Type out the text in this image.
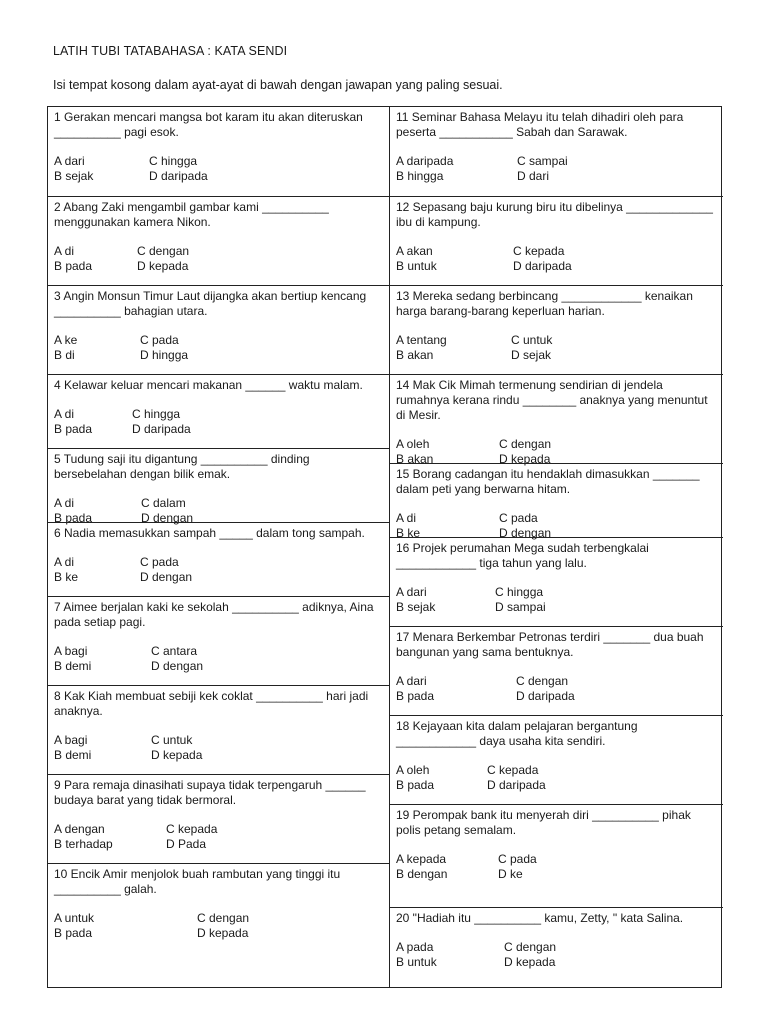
LATIH TUBI TATABAHASA : KATA SENDI
Isi tempat kosong dalam ayat-ayat di bawah dengan jawapan yang paling sesuai.
1 Gerakan mencari mangsa bot karam itu akan diteruskan __________ pagi esok.
A dari
B sejak
C hingga
D daripada
2 Abang Zaki mengambil gambar kami __________ menggunakan kamera Nikon.
A di
B pada
C dengan
D kepada
3 Angin Monsun Timur Laut dijangka akan bertiup kencang __________ bahagian utara.
A ke
B di
C pada
D hingga
4 Kelawar keluar mencari makanan ______ waktu malam.
A di
B pada
C hingga
D daripada
5 Tudung saji itu digantung __________ dinding bersebelahan dengan bilik emak.
A di
B pada
C dalam
D dengan
6 Nadia memasukkan sampah _____ dalam tong sampah.
A di
B ke
C pada
D dengan
7 Aimee berjalan kaki ke sekolah __________ adiknya, Aina pada setiap pagi.
A bagi
B demi
C antara
D dengan
8 Kak Kiah membuat sebiji kek coklat __________ hari jadi anaknya.
A bagi
B demi
C untuk
D kepada
9 Para remaja dinasihati supaya tidak terpengaruh ______ budaya barat yang tidak bermoral.
A dengan
B terhadap
C kepada
D Pada
10 Encik Amir menjolok buah rambutan yang tinggi itu __________ galah.
A untuk
B pada
C dengan
D kepada
11 Seminar Bahasa Melayu itu telah dihadiri oleh para peserta ___________ Sabah dan Sarawak.
A daripada
B hingga
C sampai
D dari
12 Sepasang baju kurung biru itu dibelinya _____________ ibu di kampung.
A akan
B untuk
C kepada
D daripada
13 Mereka sedang berbincang ____________ kenaikan harga barang-barang keperluan harian.
A tentang
B akan
C untuk
D sejak
14 Mak Cik Mimah termenung sendirian di jendela rumahnya kerana rindu ________ anaknya yang menuntut di Mesir.
A oleh
B akan
C dengan
D kepada
15 Borang cadangan itu hendaklah dimasukkan _______ dalam peti yang berwarna hitam.
A di
B ke
C pada
D dengan
16 Projek perumahan Mega sudah terbengkalai ____________ tiga tahun yang lalu.
A dari
B sejak
C hingga
D sampai
17 Menara Berkembar Petronas terdiri _______ dua buah bangunan yang sama bentuknya.
A dari
B pada
C dengan
D daripada
18 Kejayaan kita dalam pelajaran bergantung ____________ daya usaha kita sendiri.
A oleh
B pada
C kepada
D daripada
19 Perompak bank itu menyerah diri __________ pihak polis petang semalam.
A kepada
B dengan
C pada
D ke
20 "Hadiah itu __________ kamu, Zetty, " kata Salina.
A pada
B untuk
C dengan
D kepada
